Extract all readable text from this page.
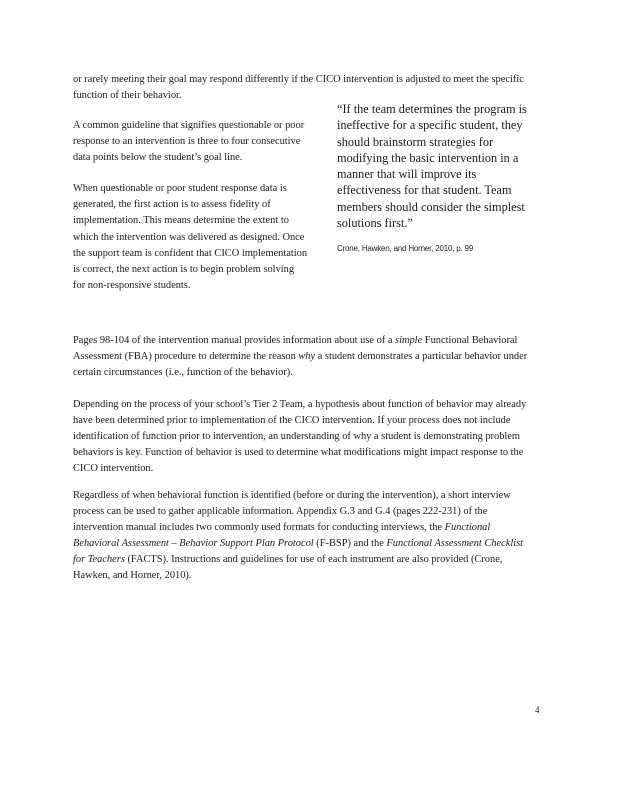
or rarely meeting their goal may respond differently if the CICO intervention is adjusted to meet the specific function of their behavior.

A common guideline that signifies questionable or poor response to an intervention is three to four consecutive data points below the student’s goal line.

When questionable or poor student response data is generated, the first action is to assess fidelity of implementation. This means determine the extent to which the intervention was delivered as designed. Once the support team is confident that CICO implementation is correct, the next action is to begin problem solving for non-responsive students.

“If the team determines the program is ineffective for a specific student, they should brainstorm strategies for modifying the basic intervention in a manner that will improve its effectiveness for that student. Team members should consider the simplest solutions first.”

Crone, Hawken, and Horner, 2010, p. 99

Pages 98-104 of the intervention manual provides information about use of a simple Functional Behavioral Assessment (FBA) procedure to determine the reason why a student demonstrates a particular behavior under certain circumstances (i.e., function of the behavior).

Depending on the process of your school’s Tier 2 Team, a hypothesis about function of behavior may already have been determined prior to implementation of the CICO intervention. If your process does not include identification of function prior to intervention, an understanding of why a student is demonstrating problem behaviors is key. Function of behavior is used to determine what modifications might impact response to the CICO intervention.

Regardless of when behavioral function is identified (before or during the intervention), a short interview process can be used to gather applicable information. Appendix G.3 and G.4 (pages 222-231) of the intervention manual includes two commonly used formats for conducting interviews, the Functional Behavioral Assessment – Behavior Support Plan Protocol (F-BSP) and the Functional Assessment Checklist for Teachers (FACTS). Instructions and guidelines for use of each instrument are also provided (Crone, Hawken, and Horner, 2010).

4
